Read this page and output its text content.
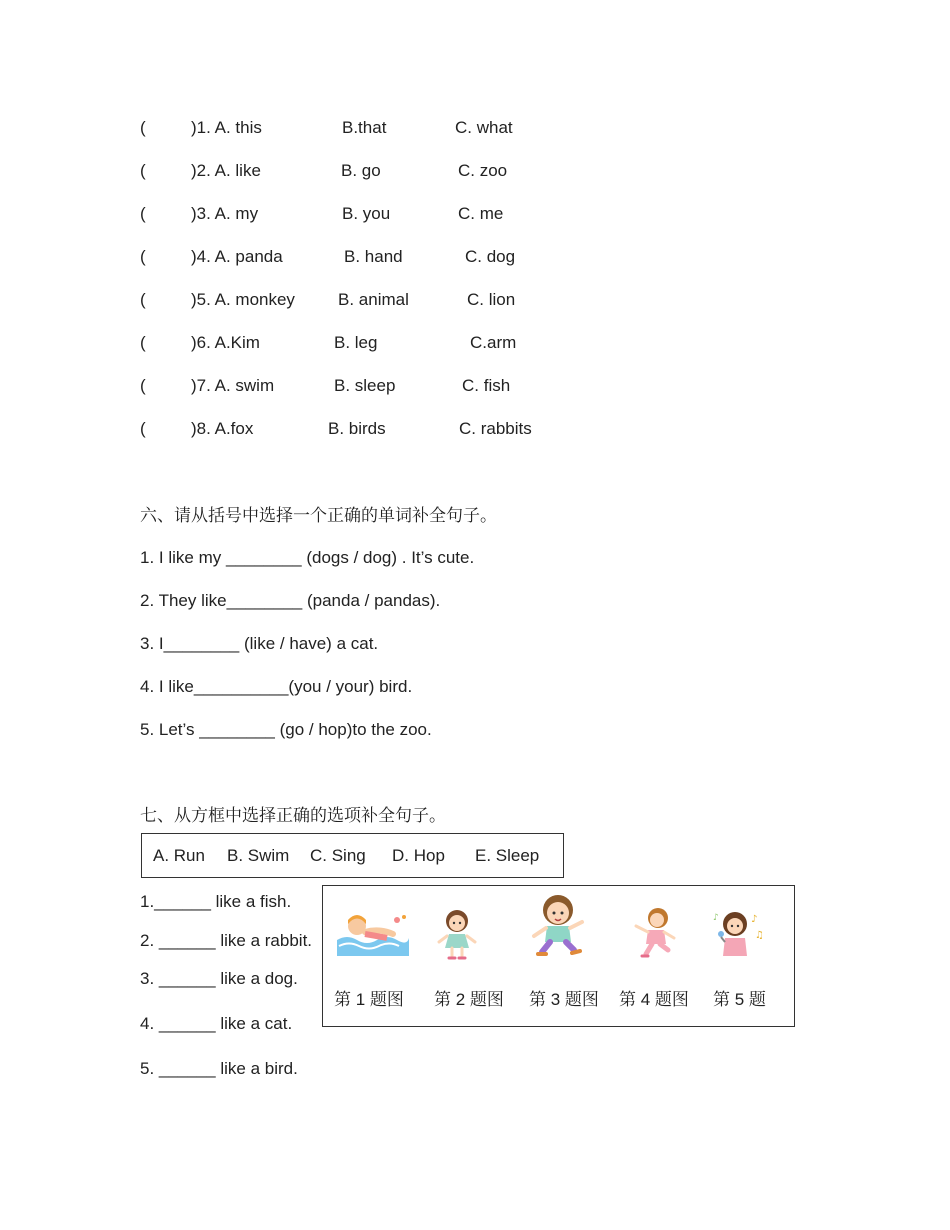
(	)1. A. this	B.that	C. what
(	)2. A. like	B. go	C. zoo
(	)3. A. my	B. you	C. me
(	)4. A. panda	B. hand	C. dog
(	)5. A. monkey	B. animal	C. lion
(	)6. A.Kim	B. leg	C.arm
(	)7. A. swim	B. sleep	C. fish
(	)8. A.fox	B. birds	C. rabbits
六、请从括号中选择一个正确的单词补全句子。
1. I like my ________ (dogs / dog) . It’s cute.
2. They like________ (panda / pandas).
3. I________ (like / have) a cat.
4. I like__________(you / your) bird.
5. Let’s ________ (go / hop)to the zoo.
七、从方框中选择正确的选项补全句子。
A. Run B. Swim C. Sing D. Hop E. Sleep
1.______ like a fish.
2. ______ like a rabbit.
3. ______ like a dog.
4. ______ like a cat.
5. ______ like a bird.
♪
♫
♪
第 1 题图 第 2 题图 第 3 题图 第 4 题图 第 5 题
